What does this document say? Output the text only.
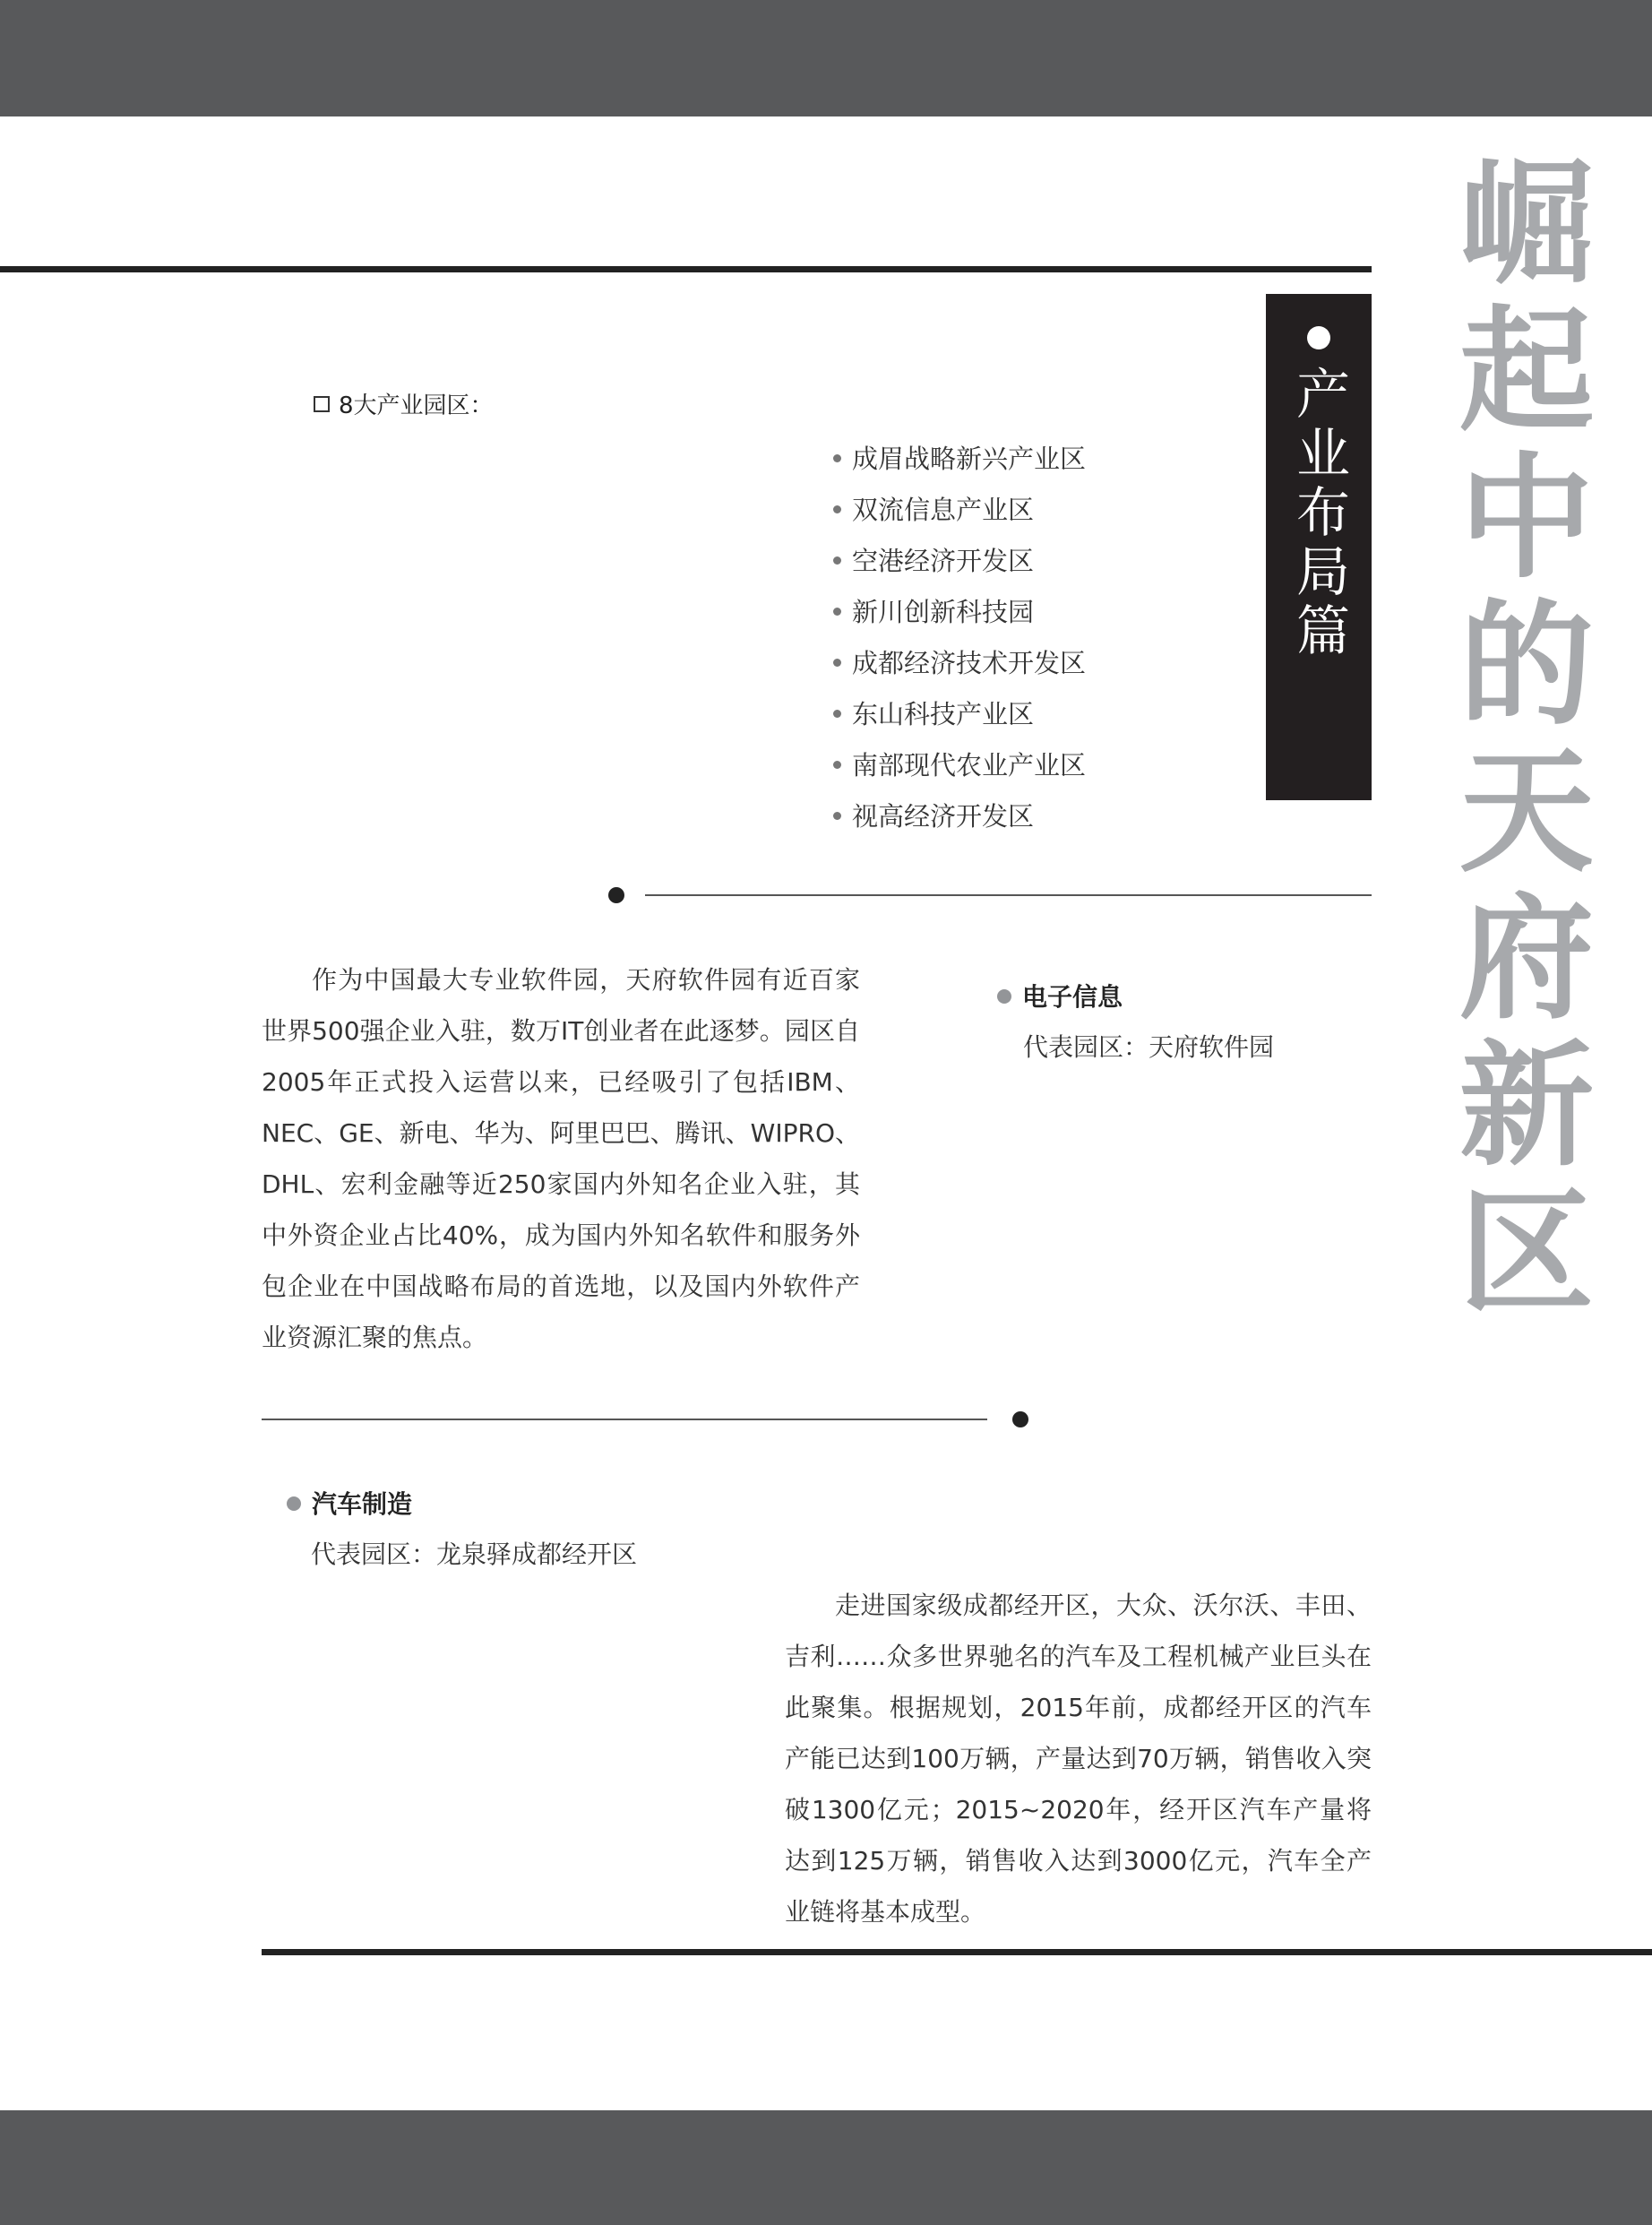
崛起中的天府新区
产业布局篇
(一)
8大产业园区：
成眉战略新兴产业区
双流信息产业区
空港经济开发区
新川创新科技园
成都经济技术开发区
东山科技产业区
南部现代农业产业区
视高经济开发区

作为中国最大专业软件园，天府软件园有近百家世界500强企业入驻，数万IT创业者在此逐梦。园区自2005年正式投入运营以来，已经吸引了包括IBM、NEC、GE、新电、华为、阿里巴巴、腾讯、WIPRO、DHL、宏利金融等近250家国内外知名企业入驻，其中外资企业占比40%，成为国内外知名软件和服务外包企业在中国战略布局的首选地，以及国内外软件产业资源汇聚的焦点。

电子信息
代表园区：天府软件园
汽车制造
代表园区：龙泉驿成都经开区

走进国家级成都经开区，大众、沃尔沃、丰田、吉利……众多世界驰名的汽车及工程机械产业巨头在此聚集。根据规划，2015年前，成都经开区的汽车产能已达到100万辆，产量达到70万辆，销售收入突破1300亿元；2015~2020年，经开区汽车产量将达到125万辆，销售收入达到3000亿元，汽车全产业链将基本成型。
